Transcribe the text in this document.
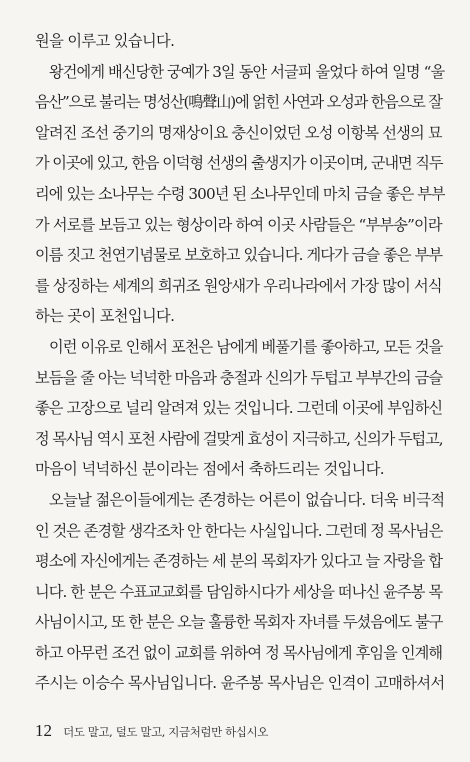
원을 이루고 있습니다.
왕건에게 배신당한 궁예가 3일 동안 서글피 울었다 하여 일명 “울
음산”으로 불리는 명성산(鳴聲山)에 얽힌 사연과 오성과 한음으로 잘
알려진 조선 중기의 명재상이요 충신이었던 오성 이항복 선생의 묘
가 이곳에 있고, 한음 이덕형 선생의 출생지가 이곳이며, 군내면 직두
리에 있는 소나무는 수령 300년 된 소나무인데 마치 금슬 좋은 부부
가 서로를 보듬고 있는 형상이라 하여 이곳 사람들은 “부부송”이라
이름 짓고 천연기념물로 보호하고 있습니다. 게다가 금슬 좋은 부부
를 상징하는 세계의 희귀조 원앙새가 우리나라에서 가장 많이 서식
하는 곳이 포천입니다.
이런 이유로 인해서 포천은 남에게 베풀기를 좋아하고, 모든 것을
보듬을 줄 아는 넉넉한 마음과 충절과 신의가 두텁고 부부간의 금슬
좋은 고장으로 널리 알려져 있는 것입니다. 그런데 이곳에 부임하신
정 목사님 역시 포천 사람에 걸맞게 효성이 지극하고, 신의가 두텁고,
마음이 넉넉하신 분이라는 점에서 축하드리는 것입니다.
오늘날 젊은이들에게는 존경하는 어른이 없습니다. 더욱 비극적
인 것은 존경할 생각조차 안 한다는 사실입니다. 그런데 정 목사님은
평소에 자신에게는 존경하는 세 분의 목회자가 있다고 늘 자랑을 합
니다. 한 분은 수표교교회를 담임하시다가 세상을 떠나신 윤주봉 목
사님이시고, 또 한 분은 오늘 훌륭한 목회자 자녀를 두셨음에도 불구
하고 아무런 조건 없이 교회를 위하여 정 목사님에게 후임을 인계해
주시는 이승수 목사님입니다. 윤주봉 목사님은 인격이 고매하셔서
12 더도 말고, 덜도 말고, 지금처럼만 하십시오
